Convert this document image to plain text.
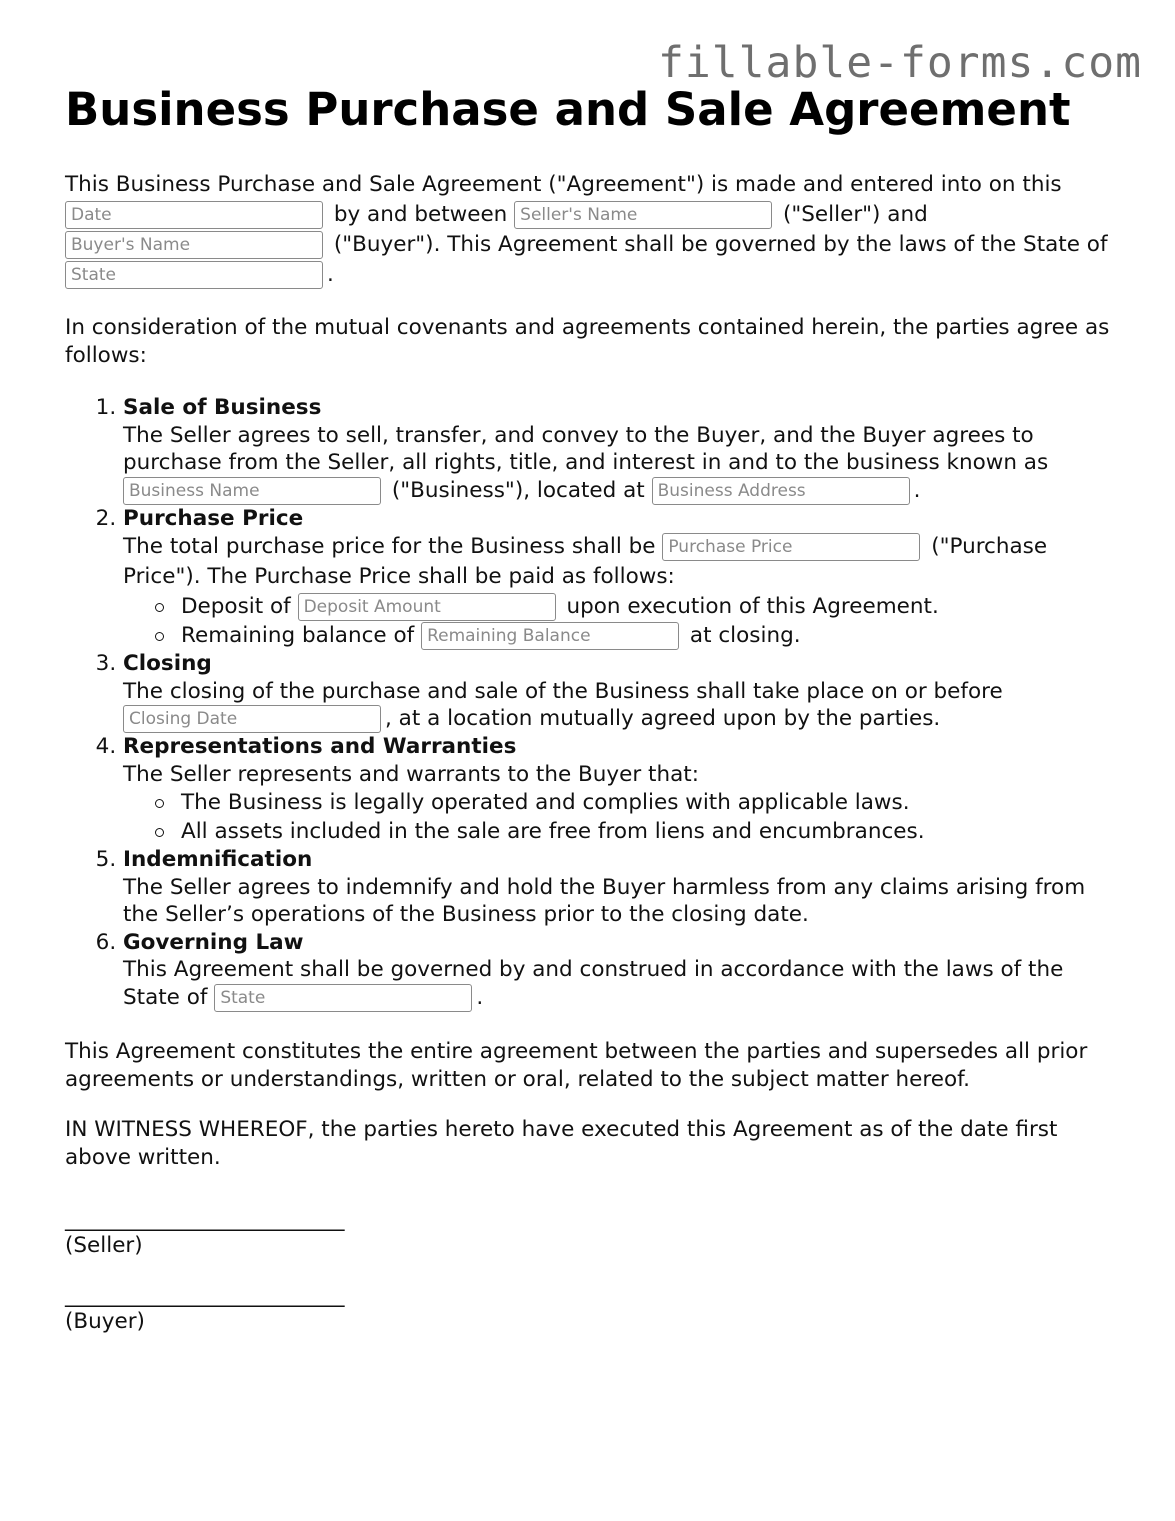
fillable-forms.com
Business Purchase and Sale Agreement

This Business Purchase and Sale Agreement ("Agreement") is made and entered into on this Date by and between Seller's Name	("Seller") and Buyer's Name ("Buyer"). This Agreement shall be governed by the laws of the State of State.

In consideration of the mutual covenants and agreements contained herein, the parties agree as follows:

1. Sale of Business
The Seller agrees to sell, transfer, and convey to the Buyer, and the Buyer agrees to purchase from the Seller, all rights, title, and interest in and to the business known as Business Name ("Business"), located at Business Address	.
2. Purchase Price
The total purchase price for the Business shall be Purchase Price	("Purchase Price"). The Purchase Price shall be paid as follows:
Deposit of Deposit Amount	upon execution of this Agreement.
Remaining balance of Remaining Balance	at closing.
3. Closing
The closing of the purchase and sale of the Business shall take place on or before Closing Date, at a location mutually agreed upon by the parties.
4. Representations and Warranties
The Seller represents and warrants to the Buyer that:
The Business is legally operated and complies with applicable laws.
All assets included in the sale are free from liens and encumbrances.
5. Indemnification
The Seller agrees to indemnify and hold the Buyer harmless from any claims arising from the Seller’s operations of the Business prior to the closing date.
6. Governing Law
This Agreement shall be governed by and construed in accordance with the laws of the State of State	.

This Agreement constitutes the entire agreement between the parties and supersedes all prior agreements or understandings, written or oral, related to the subject matter hereof.

IN WITNESS WHEREOF, the parties hereto have executed this Agreement as of the date first above written.

__________________________
(Seller)
__________________________
(Buyer)
